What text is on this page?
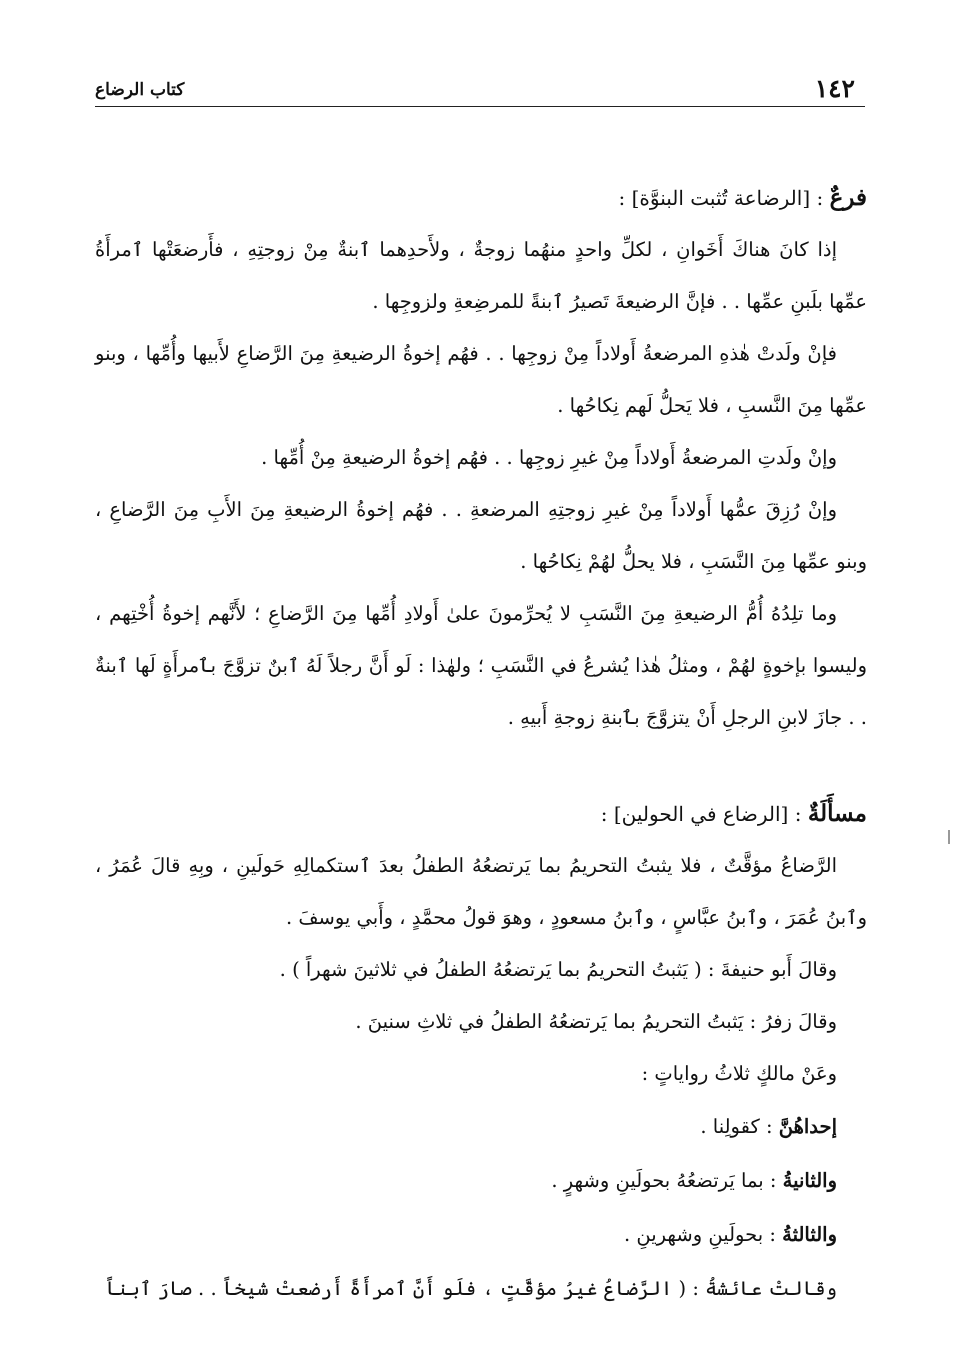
١٤٢
كتاب الرضاع

فرعٌ : [الرضاعة تُثبت البنوَّة] :

إذا كانَ هناكَ أَخَوانِ ، لكلِّ واحدٍ منهُما زوجةٌ ، ولأَحدِهما ٱبنةٌ مِنْ زوجتِهِ ، فأَرضعَتْها ٱمرأَةُ عمِّها بلَبنِ عمِّها . . فإنَّ الرضيعةَ تَصيرُ ٱبنةً للمرضِعةِ ولزوجِها .

فإنْ ولَدتْ هٰذهِ المرضعةُ أَولاداً مِنْ زوجِها . . فهُم إخوةُ الرضيعةِ مِنَ الرَّضاعِ لأَبيها وأُمِّها ، وبنو عمِّها مِنَ النَّسبِ ، فلا يَحلُّ لَهم نِكاحُها .

وإنْ ولَدتِ المرضعةُ أَولاداً مِنْ غيرِ زوجِها . . فهُم إخوةُ الرضيعةِ مِنْ أُمِّها .

وإنْ رُزِقَ عمُّها أَولاداً مِنْ غيرِ زوجتِهِ المرضعةِ . . فهُم إخوةُ الرضيعةِ مِنَ الأَبِ مِنَ الرَّضاعِ ، وبنو عمِّها مِنَ النَّسَبِ ، فلا يحلُّ لهُمْ نِكاحُها .

وما تلِدُهُ أُمُّ الرضيعةِ مِنَ النَّسَبِ لا يُحرِّمونَ علىٰ أَولادِ أُمِّها مِنَ الرَّضاعِ ؛ لأَنَّهم إخوةُ أُخْتِهم ، وليسوا بإخوةٍ لهُمْ ، ومثلُ هٰذا يُشرعُ في النَّسَبِ ؛ ولهٰذا : لَو أَنَّ رجلاً لَهُ ٱبنٌ تزوَّجَ بٱمرأَةٍ لَها ٱبنةٌ . . جازَ لابنِ الرجلِ أَنْ يتزوَّجَ بٱبنةِ زوجةِ أَبيهِ .

مسأَلَةٌ : [الرضاع في الحولين] :

الرَّضاعُ مؤقَّتٌ ، فلا يثبتُ التحريمُ بما يَرتضعُهُ الطفلُ بعدَ ٱستكمالِهِ حَولَينِ ، وبِهِ قالَ عُمَرُ ، وٱبنُ عُمَرَ ، وٱبنُ عبَّاسٍ ، وٱبنُ مسعودٍ ، وهوَ قولُ محمَّدٍ ، وأَبي يوسفَ .

وقالَ أَبو حنيفةَ : ( يَثبتُ التحريمُ بما يَرتضعُهُ الطفلُ في ثلاثينَ شهراً ) .

وقالَ زفرُ : يَثبتُ التحريمُ بما يَرتضعُهُ الطفلُ في ثلاثِ سنينَ .

وعَنْ مالكٍ ثلاثُ رواياتٍ :

إحداهُنَّ : كقولِنا .

والثانيةُ : بما يَرتضعُهُ بحولَينِ وشهرٍ .

والثالثةُ : بحولَينِ وشهرينِ .

وقالتْ عائشةُ : ( الرَّضاعُ غيرُ مؤقَّتٍ ، فلَو أَنَّ ٱمرأَةً أَرضعتْ شيخاً . . صارَ ٱبناً
